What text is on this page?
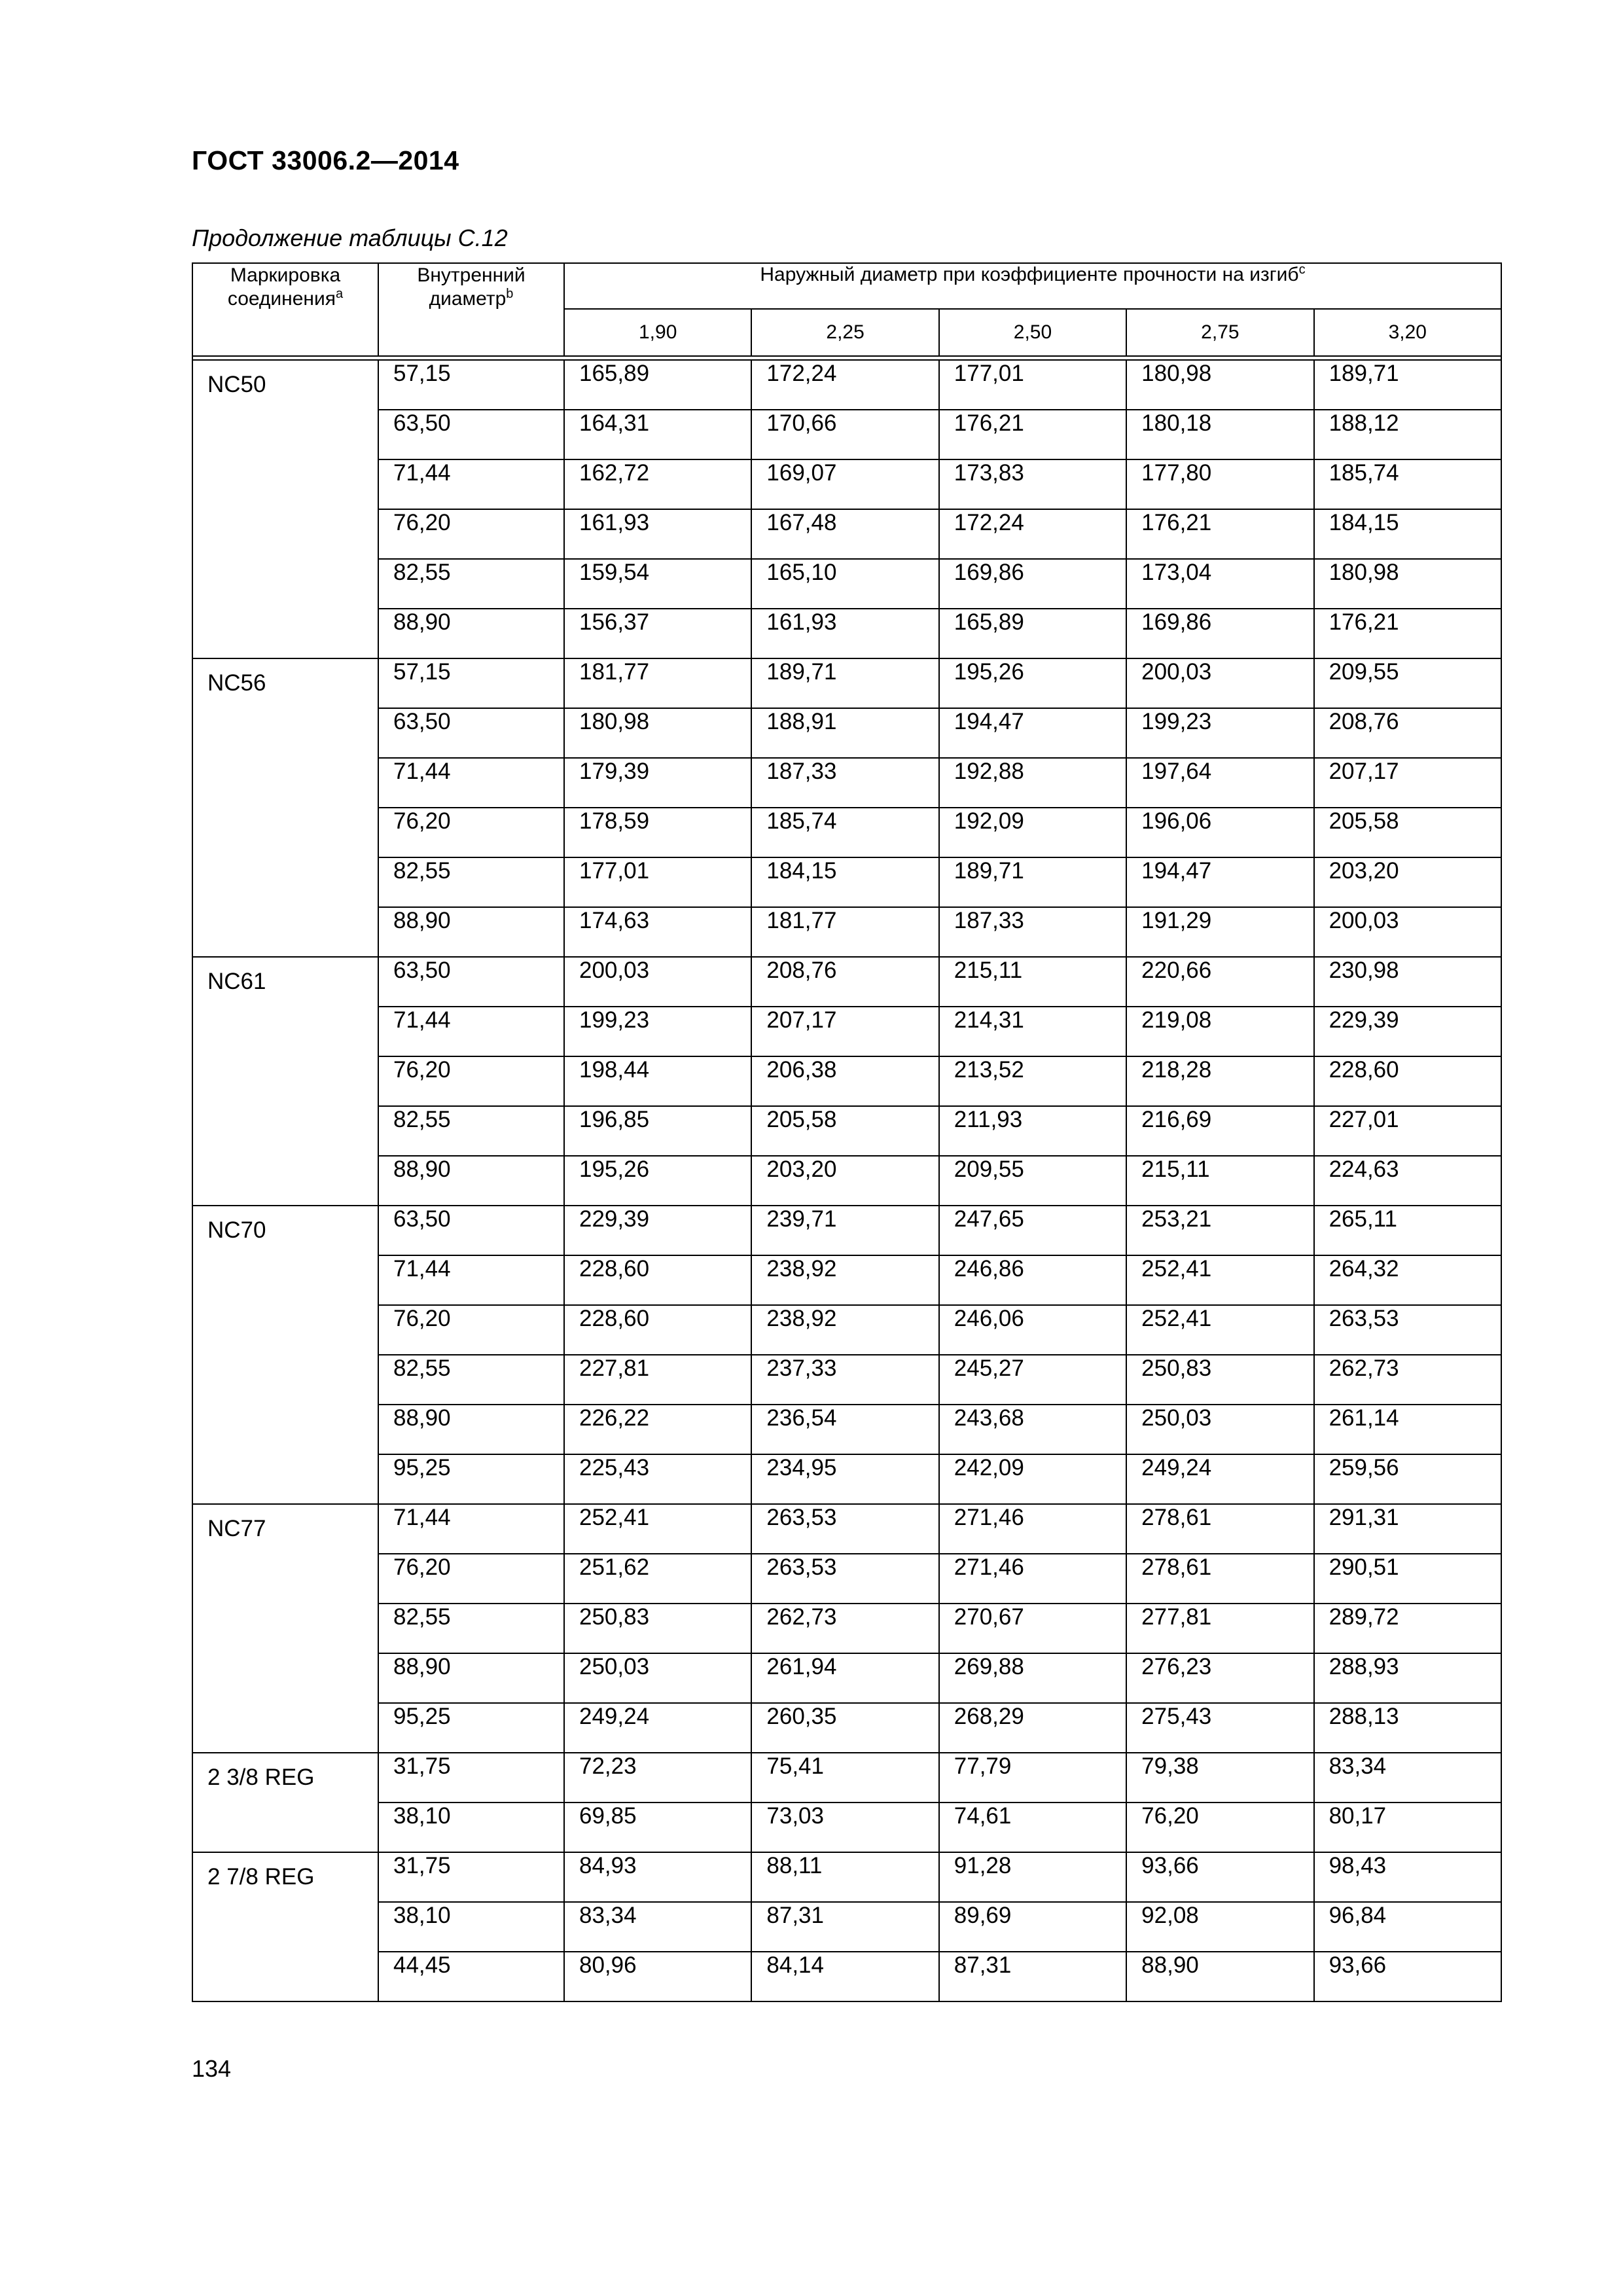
ГОСТ 33006.2—2014
Продолжение таблицы С.12
Маркировка соединения$^a$	Внутренний диаметр$^b$	Наружный диаметр при коэффициенте прочности на изгиб$^c$
		1,90	2,25	2,50	2,75	3,20

NC50	57,15	165,89	172,24	177,01	180,98	189,71
	63,50	164,31	170,66	176,21	180,18	188,12
	71,44	162,72	169,07	173,83	177,80	185,74
	76,20	161,93	167,48	172,24	176,21	184,15
	82,55	159,54	165,10	169,86	173,04	180,98
	88,90	156,37	161,93	165,89	169,86	176,21
NC56	57,15	181,77	189,71	195,26	200,03	209,55
	63,50	180,98	188,91	194,47	199,23	208,76
	71,44	179,39	187,33	192,88	197,64	207,17
	76,20	178,59	185,74	192,09	196,06	205,58
	82,55	177,01	184,15	189,71	194,47	203,20
	88,90	174,63	181,77	187,33	191,29	200,03
NC61	63,50	200,03	208,76	215,11	220,66	230,98
	71,44	199,23	207,17	214,31	219,08	229,39
	76,20	198,44	206,38	213,52	218,28	228,60
	82,55	196,85	205,58	211,93	216,69	227,01
	88,90	195,26	203,20	209,55	215,11	224,63
NC70	63,50	229,39	239,71	247,65	253,21	265,11
	71,44	228,60	238,92	246,86	252,41	264,32
	76,20	228,60	238,92	246,06	252,41	263,53
	82,55	227,81	237,33	245,27	250,83	262,73
	88,90	226,22	236,54	243,68	250,03	261,14
	95,25	225,43	234,95	242,09	249,24	259,56
NC77	71,44	252,41	263,53	271,46	278,61	291,31
	76,20	251,62	263,53	271,46	278,61	290,51
	82,55	250,83	262,73	270,67	277,81	289,72
	88,90	250,03	261,94	269,88	276,23	288,93
	95,25	249,24	260,35	268,29	275,43	288,13
2 3/8 REG	31,75	72,23	75,41	77,79	79,38	83,34
	38,10	69,85	73,03	74,61	76,20	80,17
2 7/8 REG	31,75	84,93	88,11	91,28	93,66	98,43
	38,10	83,34	87,31	89,69	92,08	96,84
	44,45	80,96	84,14	87,31	88,90	93,66
134
